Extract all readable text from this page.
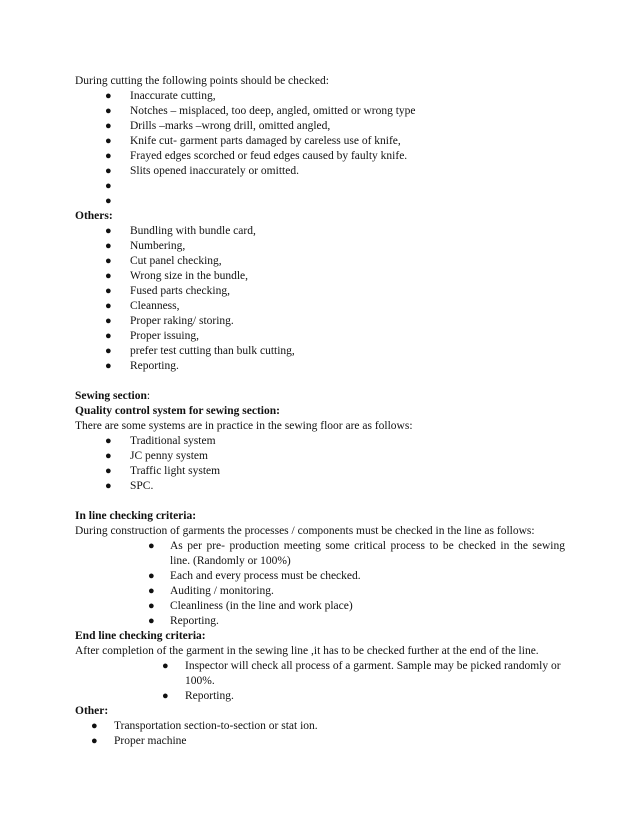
During cutting the following points should be checked:

● Inaccurate cutting,
● Notches – misplaced, too deep, angled, omitted or wrong type
● Drills –marks –wrong drill, omitted angled,
● Knife cut- garment parts damaged by careless use of knife,
● Frayed edges scorched or feud edges caused by faulty knife.
● Slits opened inaccurately or omitted.
●

●

Others:

● Bundling with bundle card,
● Numbering,
● Cut panel checking,
● Wrong size in the bundle,
● Fused parts checking,
● Cleanness,
● Proper raking/ storing.
● Proper issuing,
● prefer test cutting than bulk cutting,
● Reporting.

Sewing section:

Quality control system for sewing section:

There are some systems are in practice in the sewing floor are as follows:

● Traditional system
● JC penny system
● Traffic light system
● SPC.

In line checking criteria:

During construction of garments the processes / components must be checked in the line as follows:

● As per pre- production meeting some critical process to be checked in the sewing line. (Randomly or 100%)
● Each and every process must be checked.
● Auditing / monitoring.
● Cleanliness (in the line and work place)
● Reporting.

End line checking criteria:

After completion of the garment in the sewing line ,it has to be checked further at the end of the line.

● Inspector will check all process of a garment. Sample may be picked randomly or 100%.
● Reporting.

Other:

● Transportation section-to-section or stat ion.
● Proper machine
